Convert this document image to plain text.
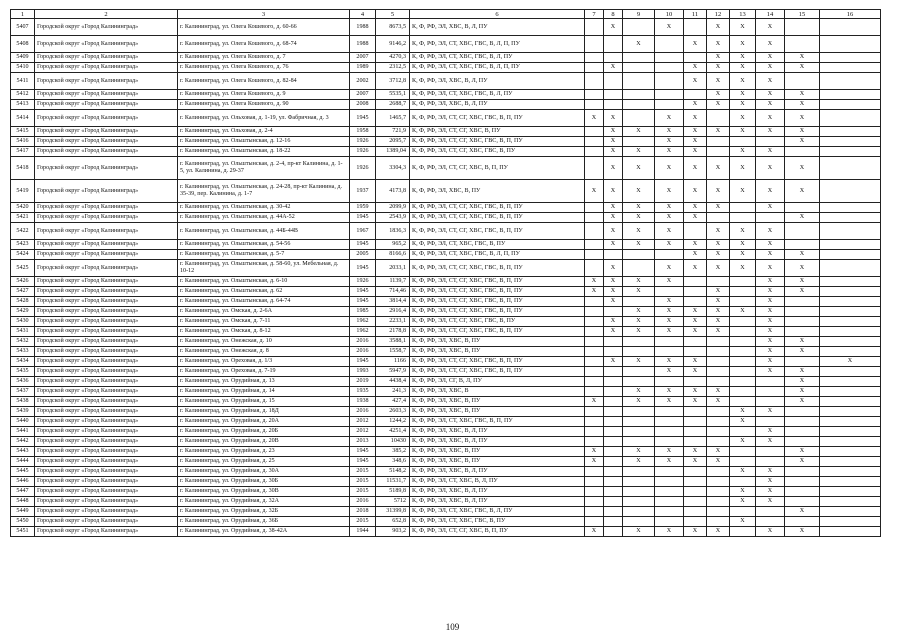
1	2	3	4	5	6	7	8	9	10	11	12	13	14	15	16	
5407	Городской округ «Город Калининград»	г. Калининград, ул. Олега Кошевого, д. 60-66	1988	8673,5	К, Ф, РФ, ЭЛ, ХВС, В, Л, ПУ		X		X		X	X	X							
5408	Городской округ «Город Калининград»	г. Калининград, ул. Олега Кошевого, д. 68-74	1988	9146,2	К, Ф, РФ, ЭЛ, СТ, ХВС, ГВС, В, Л, П, ПУ			X		X	X	X	X							
5409	Городской округ «Город Калининград»	г. Калининград, ул. Олега Кошевого, д. 7	2007	4270,3	К, Ф, РФ, ЭЛ, СТ, ХВС, ГВС, В, Л, ПУ						X	X	X	X						
5410	Городской округ «Город Калининград»	г. Калининград, ул. Олега Кошевого, д. 76	1989	2312,5	К, Ф, РФ, ЭЛ, СТ, ХВС, ГВС, В, Л, П, ПУ		X			X	X	X	X	X						
5411	Городской округ «Город Калининград»	г. Калининград, ул. Олега Кошевого, д. 82-84	2002	3712,8	К, Ф, РФ, ЭЛ, ХВС, В, Л, ПУ					X	X	X	X							
5412	Городской округ «Город Калининград»	г. Калининград, ул. Олега Кошевого, д. 9	2007	5535,1	К, Ф, РФ, ЭЛ, СТ, ХВС, ГВС, В, Л, ПУ						X	X	X	X						
5413	Городской округ «Город Калининград»	г. Калининград, ул. Олега Кошевого, д. 90	2008	2688,7	К, Ф, РФ, ЭЛ, ХВС, В, Л, ПУ					X	X	X	X	X						
5414	Городской округ «Город Калининград»	г. Калининград, ул. Ольховая, д. 1-19, ул. Фабричная, д. 3	1945	1465,7	К, Ф, РФ, ЭЛ, СТ, СГ, ХВС, ГВС, В, П, ПУ	X	X		X	X		X	X	X						
5415	Городской округ «Город Калининград»	г. Калининград, ул. Ольховая, д. 2-4	1958	721,9	К, Ф, РФ, ЭЛ, СТ, СГ, ХВС, В, ПУ		X	X	X	X	X	X	X	X						
5416	Городской округ «Город Калининград»	г. Калининград, ул. Ольштынская, д. 12-16	1926	2095,7	К, Ф, РФ, ЭЛ, СТ, СГ, ХВС, ГВС, В, П, ПУ		X		X	X				X						
5417	Городской округ «Город Калининград»	г. Калининград, ул. Ольштынская, д. 18-22	1926	1389,04	К, Ф, РФ, ЭЛ, СТ, СГ, ХВС, ГВС, В, ПУ		X	X	X	X		X	X							
5418	Городской округ «Город Калининград»	г. Калининград, ул. Ольштынская, д. 2-4, пр-кт Калинина, д. 1-5, ул. Калинина, д. 29-37	1926	3304,3	К, Ф, РФ, ЭЛ, СТ, СГ, ХВС, В, П, ПУ		X	X	X	X	X	X	X	X						
5419	Городской округ «Город Калининград»	г. Калининград, ул. Ольштынская, д. 24-28, пр-кт Калинина, д. 35-39, пер. Калинина, д. 1-7	1937	4173,8	К, Ф, РФ, ЭЛ, ХВС, В, ПУ	X	X	X	X	X	X	X	X	X						
5420	Городской округ «Город Калининград»	г. Калининград, ул. Ольштынская, д. 30-42	1959	2099,9	К, Ф, РФ, ЭЛ, СТ, СГ, ХВС, ГВС, В, П, ПУ		X	X	X	X	X		X							
5421	Городской округ «Город Калининград»	г. Калининград, ул. Ольштынская, д. 44А-52	1945	2543,9	К, Ф, РФ, ЭЛ, СТ, СГ, ХВС, ГВС, В, П, ПУ		X	X	X	X				X						
5422	Городской округ «Город Калининград»	г. Калининград, ул. Ольштынская, д. 44Б-44В	1967	1836,3	К, Ф, РФ, ЭЛ, СТ, СГ, ХВС, ГВС, В, П, ПУ		X	X	X		X	X	X							
5423	Городской округ «Город Калининград»	г. Калининград, ул. Ольштынская, д. 54-56	1945	965,2	К, Ф, РФ, ЭЛ, СТ, ХВС, ГВС, В, ПУ		X	X	X	X	X	X	X							
5424	Городской округ «Город Калининград»	г. Калининград, ул. Ольштынская, д. 5-7	2005	8166,6	К, Ф, РФ, ЭЛ, СТ, ХВС, ГВС, В, Л, П, ПУ					X	X	X	X	X						
5425	Городской округ «Город Калининград»	г. Калининград, ул. Ольштынская, д. 58-60, ул. Мебельная, д. 10-12	1945	2033,1	К, Ф, РФ, ЭЛ, СТ, СГ, ХВС, ГВС, В, П, ПУ		X		X	X	X	X	X	X						
5426	Городской округ «Город Калининград»	г. Калининград, ул. Ольштынская, д. 6-10	1926	1139,7	К, Ф, РФ, ЭЛ, СТ, СГ, ХВС, ГВС, В, П, ПУ	X	X	X	X				X	X						
5427	Городской округ «Город Калининград»	г. Калининград, ул. Ольштынская, д. 62	1945	714,46	К, Ф, РФ, ЭЛ, СТ, СГ, ХВС, ГВС, В, П, ПУ	X	X	X			X		X	X						
5428	Городской округ «Город Калининград»	г. Калининград, ул. Ольштынская, д. 64-74	1945	3814,4	К, Ф, РФ, ЭЛ, СТ, СГ, ХВС, ГВС, В, П, ПУ		X		X		X		X							
5429	Городской округ «Город Калининград»	г. Калининград, ул. Омская, д. 2-6А	1985	2916,4	К, Ф, РФ, ЭЛ, СТ, СГ, ХВС, ГВС, В, П, ПУ			X	X	X	X	X	X							
5430	Городской округ «Город Калининград»	г. Калининград, ул. Омская, д. 7-11	1962	2233,1	К, Ф, РФ, ЭЛ, СТ, СГ, ХВС, ГВС, В, ПУ		X	X	X	X	X		X							
5431	Городской округ «Город Калининград»	г. Калининград, ул. Омская, д. 8-12	1962	2178,8	К, Ф, РФ, ЭЛ, СТ, СГ, ХВС, ГВС, В, П, ПУ		X	X	X	X	X		X							
5432	Городской округ «Город Калининград»	г. Калининград, ул. Онежская, д. 10	2016	3588,1	К, Ф, РФ, ЭЛ, ХВС, В, ПУ								X	X						
5433	Городской округ «Город Калининград»	г. Калининград, ул. Онежская, д. 8	2016	1558,7	К, Ф, РФ, ЭЛ, ХВС, В, ПУ								X	X						
5434	Городской округ «Город Калининград»	г. Калининград, ул. Ореховая, д. 1/3	1945	1166	К, Ф, РФ, ЭЛ, СТ, СГ, ХВС, ГВС, В, П, ПУ		X	X	X	X			X		X					
5435	Городской округ «Город Калининград»	г. Калининград, ул. Ореховая, д. 7-19	1993	5947,9	К, Ф, РФ, ЭЛ, СТ, СГ, ХВС, ГВС, В, П, ПУ				X	X			X	X						
5436	Городской округ «Город Калининград»	г. Калининград, ул. Орудийная, д. 13	2019	4438,4	К, Ф, РФ, ЭЛ, СГ, В, Л, ПУ									X						
5437	Городской округ «Город Калининград»	г. Калининград, ул. Орудийная, д. 14	1935	241,3	К, Ф, РФ, ЭЛ, ХВС, В			X	X	X	X			X						
5438	Городской округ «Город Калининград»	г. Калининград, ул. Орудийная, д. 15	1938	427,4	К, Ф, РФ, ЭЛ, ХВС, В, ПУ	X		X	X	X	X			X						
5439	Городской округ «Город Калининград»	г. Калининград, ул. Орудийная, д. 18Д	2016	2603,3	К, Ф, РФ, ЭЛ, ХВС, В, ПУ							X	X							
5440	Городской округ «Город Калининград»	г. Калининград, ул. Орудийная, д. 20А	2012	1244,2	К, Ф, РФ, ЭЛ, СТ, ХВС, ГВС, В, П, ПУ							X								
5441	Городской округ «Город Калининград»	г. Калининград, ул. Орудийная, д. 20Б	2012	4251,4	К, Ф, РФ, ЭЛ, ХВС, В, Л, ПУ								X							
5442	Городской округ «Город Калининград»	г. Калининград, ул. Орудийная, д. 20В	2013	10430	К, Ф, РФ, ЭЛ, ХВС, В, Л, ПУ							X	X							
5443	Городской округ «Город Калининград»	г. Калининград, ул. Орудийная, д. 23	1945	385,2	К, Ф, РФ, ЭЛ, ХВС, В, ПУ	X		X	X	X	X			X						
5444	Городской округ «Город Калининград»	г. Калининград, ул. Орудийная, д. 25	1945	348,6	К, Ф, РФ, ЭЛ, ХВС, В, ПУ	X		X	X	X	X			X						
5445	Городской округ «Город Калининград»	г. Калининград, ул. Орудийная, д. 30А	2015	5148,2	К, Ф, РФ, ЭЛ, ХВС, В, Л, ПУ							X	X							
5446	Городской округ «Город Калининград»	г. Калининград, ул. Орудийная, д. 30Б	2015	11531,7	К, Ф, РФ, ЭЛ, СТ, ХВС, В, Л, ПУ								X							
5447	Городской округ «Город Калининград»	г. Калининград, ул. Орудийная, д. 30В	2015	5189,8	К, Ф, РФ, ЭЛ, ХВС, В, Л, ПУ							X	X							
5448	Городской округ «Город Калининград»	г. Калининград, ул. Орудийная, д. 32А	2016	5712	К, Ф, РФ, ЭЛ, ХВС, В, Л, ПУ							X	X							
5449	Городской округ «Город Калининград»	г. Калининград, ул. Орудийная, д. 32Б	2018	31399,8	К, Ф, РФ, ЭЛ, СТ, ХВС, ГВС, В, Л, ПУ									X						
5450	Городской округ «Город Калининград»	г. Калининград, ул. Орудийная, д. 36Б	2015	652,8	К, Ф, РФ, ЭЛ, СТ, ХВС, ГВС, В, ПУ							X								
5451	Городской округ «Город Калининград»	г. Калининград, ул. Орудийная, д. 38-42А	1944	903,2	К, Ф, РФ, ЭЛ, СТ, СГ, ХВС, В, П, ПУ	X		X	X	X	X		X	X						
109
